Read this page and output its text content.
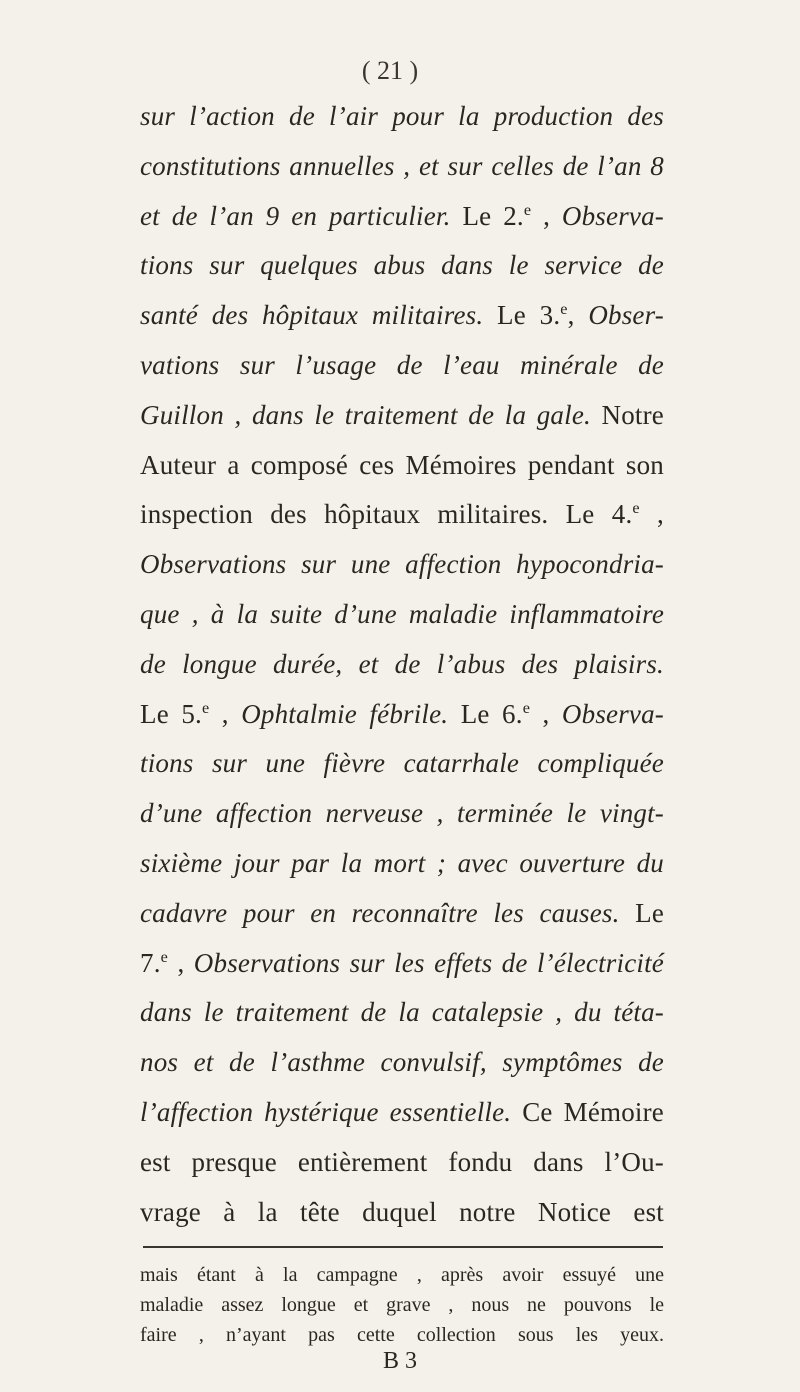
( 21 )
sur l’action de l’air pour la production des
constitutions annuelles , et sur celles de l’an 8
et de l’an 9 en particulier. Le 2.$^e$ , Observa-
tions sur quelques abus dans le service de
santé des hôpitaux militaires. Le 3.$^e$, Obser-
vations sur l’usage de l’eau minérale de
Guillon , dans le traitement de la gale. Notre
Auteur a composé ces Mémoires pendant son
inspection des hôpitaux militaires. Le 4.$^e$ ,
Observations sur une affection hypocondria-
que , à la suite d’une maladie inflammatoire
de longue durée, et de l’abus des plaisirs.
Le 5.$^e$ , Ophtalmie fébrile. Le 6.$^e$ , Observa-
tions sur une fièvre catarrhale compliquée
d’une affection nerveuse , terminée le vingt-
sixième jour par la mort ; avec ouverture du
cadavre pour en reconnaître les causes. Le
7.$^e$ , Observations sur les effets de l’électricité
dans le traitement de la catalepsie , du téta-
nos et de l’asthme convulsif, symptômes de
l’affection hystérique essentielle. Ce Mémoire
est presque entièrement fondu dans l’Ou-
vrage à la tête duquel notre Notice est
mais étant à la campagne , après avoir essuyé une
maladie assez longue et grave , nous ne pouvons le
faire , n’ayant pas cette collection sous les yeux.
B 3
